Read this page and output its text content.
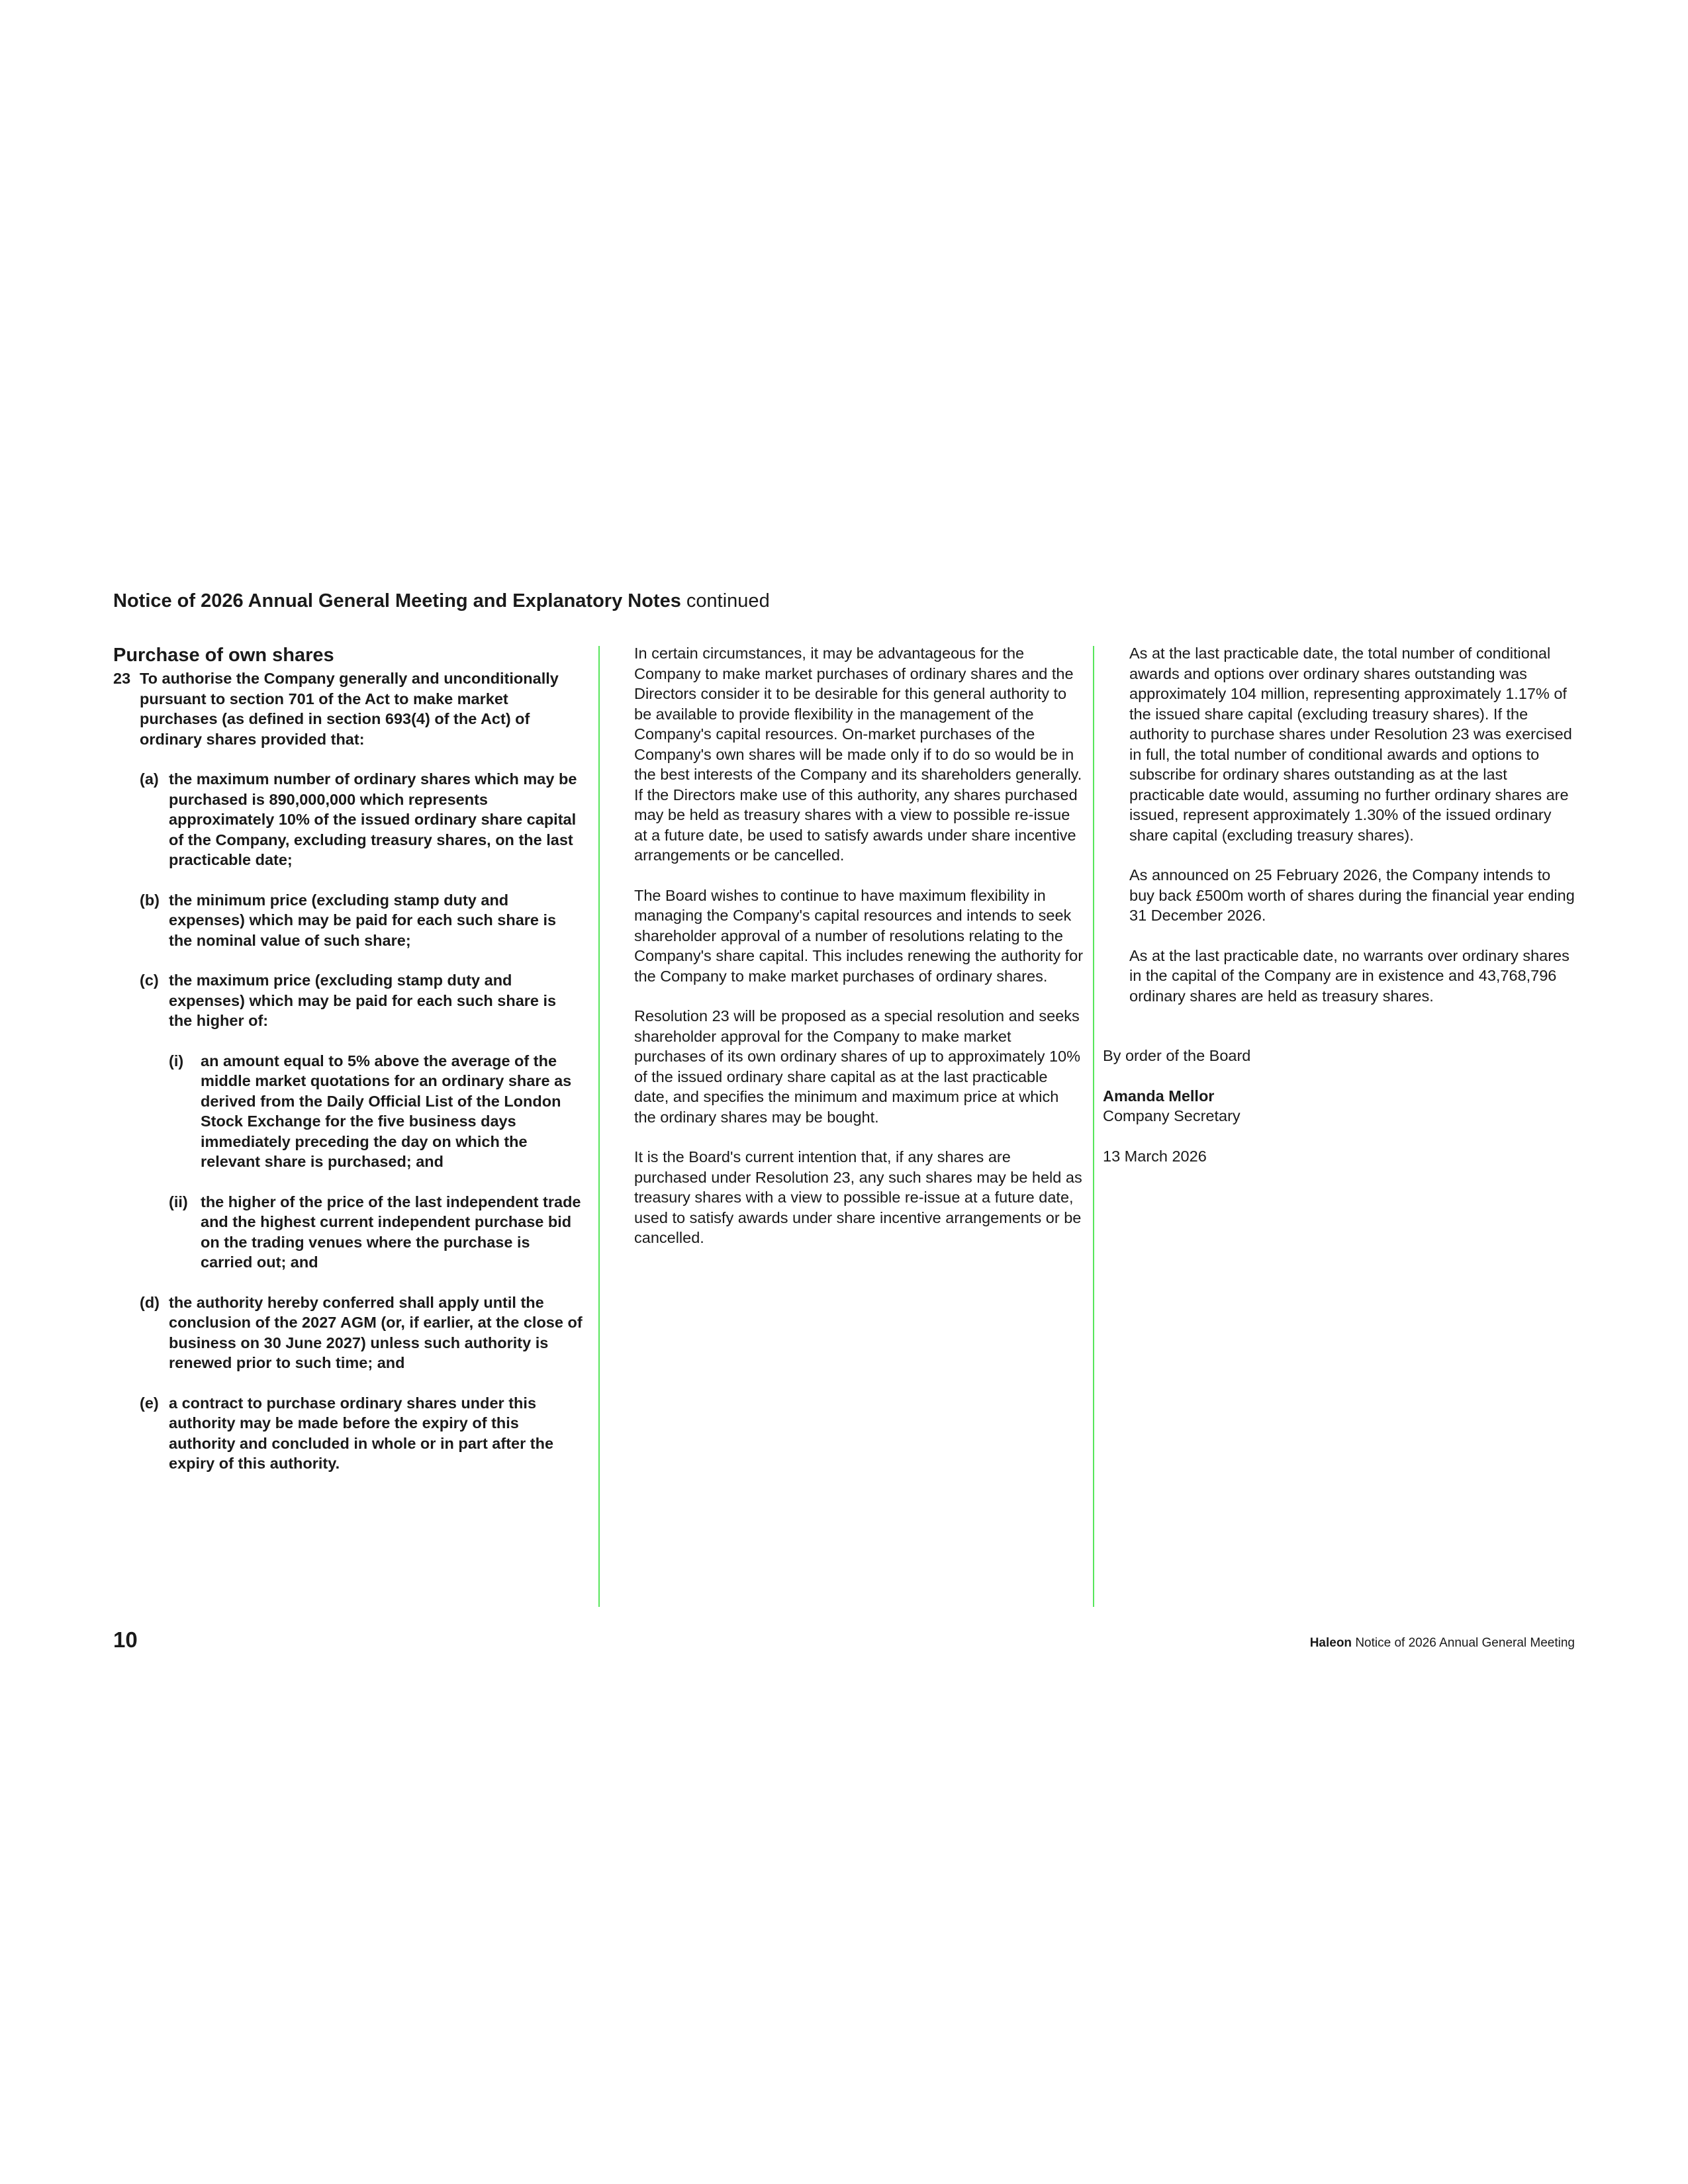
Notice of 2026 Annual General Meeting and Explanatory Notes continued
Purchase of own shares
23 To authorise the Company generally and unconditionally pursuant to section 701 of the Act to make market purchases (as defined in section 693(4) of the Act) of ordinary shares provided that:
(a) the maximum number of ordinary shares which may be purchased is 890,000,000 which represents approximately 10% of the issued ordinary share capital of the Company, excluding treasury shares, on the last practicable date;
(b) the minimum price (excluding stamp duty and expenses) which may be paid for each such share is the nominal value of such share;
(c) the maximum price (excluding stamp duty and expenses) which may be paid for each such share is the higher of:
(i)	an amount equal to 5% above the average of the middle market quotations for an ordinary share as derived from the Daily Official List of the London Stock Exchange for the five business days immediately preceding the day on which the relevant share is purchased; and
(ii) the higher of the price of the last independent trade and the highest current independent purchase bid on the trading venues where the purchase is carried out; and
(d) the authority hereby conferred shall apply until the conclusion of the 2027 AGM (or, if earlier, at the close of business on 30 June 2027) unless such authority is renewed prior to such time; and
(e) a contract to purchase ordinary shares under this authority may be made before the expiry of this authority and concluded in whole or in part after the expiry of this authority.

In certain circumstances, it may be advantageous for the Company to make market purchases of ordinary shares and the Directors consider it to be desirable for this general authority to be available to provide flexibility in the management of the Company's capital resources. On-market purchases of the Company's own shares will be made only if to do so would be in the best interests of the Company and its shareholders generally. If the Directors make use of this authority, any shares purchased may be held as treasury shares with a view to possible re-issue at a future date, be used to satisfy awards under share incentive arrangements or be cancelled.

The Board wishes to continue to have maximum flexibility in managing the Company's capital resources and intends to seek shareholder approval of a number of resolutions relating to the Company's share capital. This includes renewing the authority for the Company to make market purchases of ordinary shares.

Resolution 23 will be proposed as a special resolution and seeks shareholder approval for the Company to make market purchases of its own ordinary shares of up to approximately 10% of the issued ordinary share capital as at the last practicable date, and specifies the minimum and maximum price at which the ordinary shares may be bought.

It is the Board's current intention that, if any shares are purchased under Resolution 23, any such shares may be held as treasury shares with a view to possible re-issue at a future date, used to satisfy awards under share incentive arrangements or be cancelled.

As at the last practicable date, the total number of conditional awards and options over ordinary shares outstanding was approximately 104 million, representing approximately 1.17% of the issued share capital (excluding treasury shares). If the authority to purchase shares under Resolution 23 was exercised in full, the total number of conditional awards and options to subscribe for ordinary shares outstanding as at the last practicable date would, assuming no further ordinary shares are issued, represent approximately 1.30% of the issued ordinary share capital (excluding treasury shares).

As announced on 25 February 2026, the Company intends to buy back £500m worth of shares during the financial year ending 31 December 2026.

As at the last practicable date, no warrants over ordinary shares in the capital of the Company are in existence and 43,768,796 ordinary shares are held as treasury shares.

By order of the Board

Amanda Mellor

Company Secretary

13 March 2026
10	Haleon Notice of 2026 Annual General Meeting
